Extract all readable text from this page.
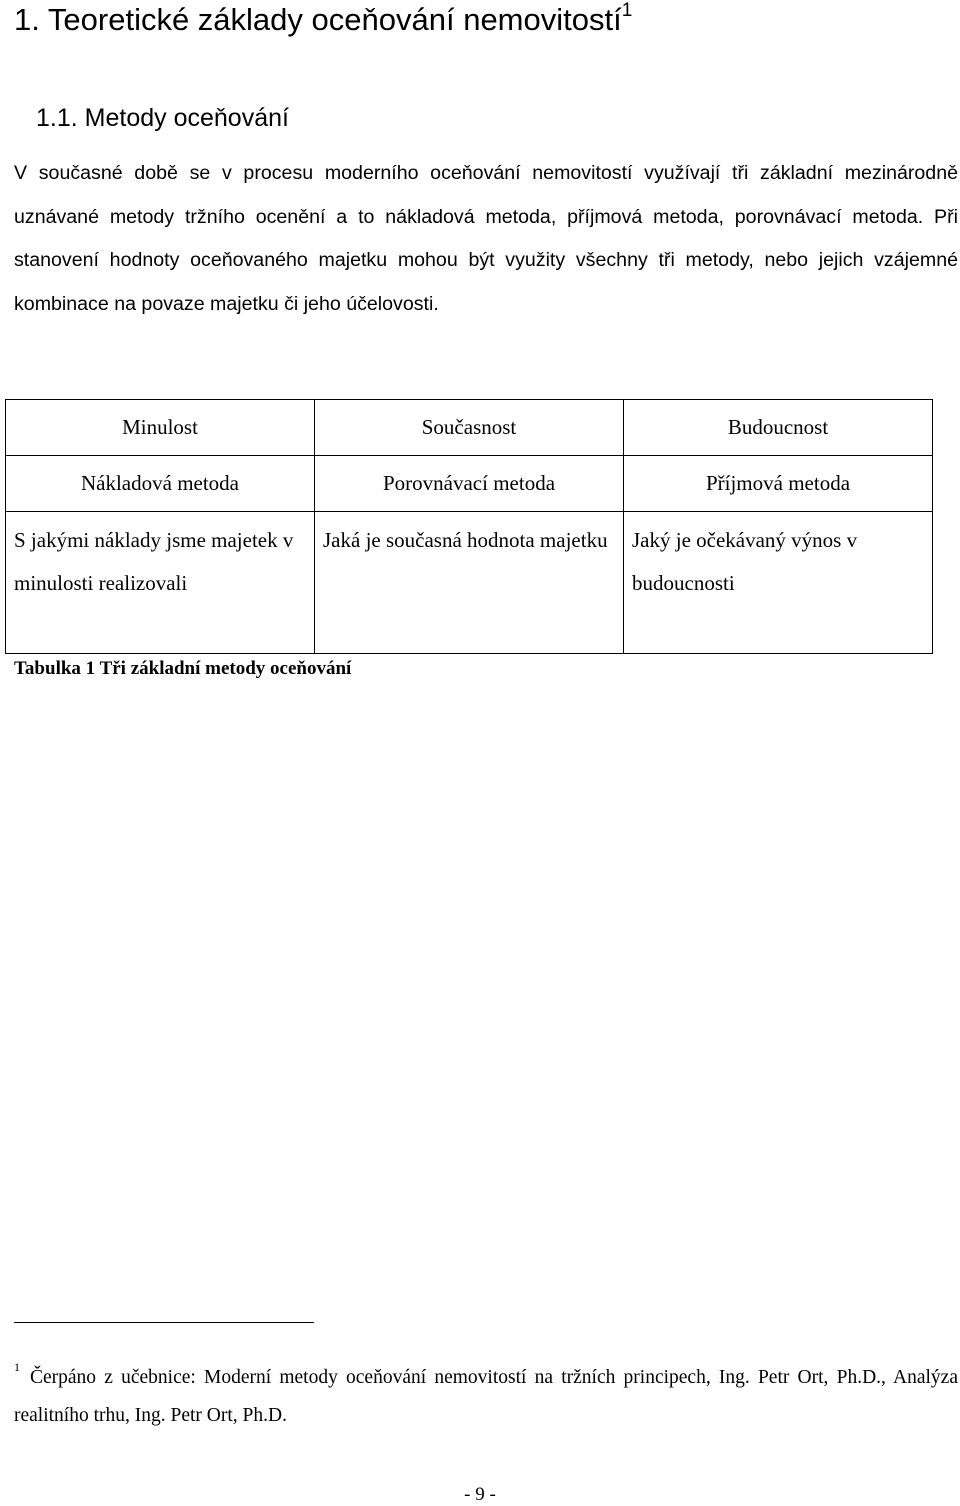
1. Teoretické základy oceňování nemovitostí$^1$
1.1. Metody oceňování

V současné době se v procesu moderního oceňování nemovitostí využívají tři základní mezinárodně uznávané metody tržního ocenění a to nákladová metoda, příjmová metoda, porovnávací metoda. Při stanovení hodnoty oceňovaného majetku mohou být využity všechny tři metody, nebo jejich vzájemné kombinace na povaze majetku či jeho účelovosti.

Minulost	Současnost	Budoucnost
Nákladová metoda	Porovnávací metoda	Příjmová metoda
S jakými náklady jsme majetek v minulosti realizovali	Jaká je současná hodnota majetku	Jaký je očekávaný výnos v budoucnosti
Tabulka 1 Tři základní metody oceňování
$^1$ Čerpáno z učebnice: Moderní metody oceňování nemovitostí na tržních principech, Ing. Petr Ort, Ph.D., Analýza realitního trhu, Ing. Petr Ort, Ph.D.
- 9 -
